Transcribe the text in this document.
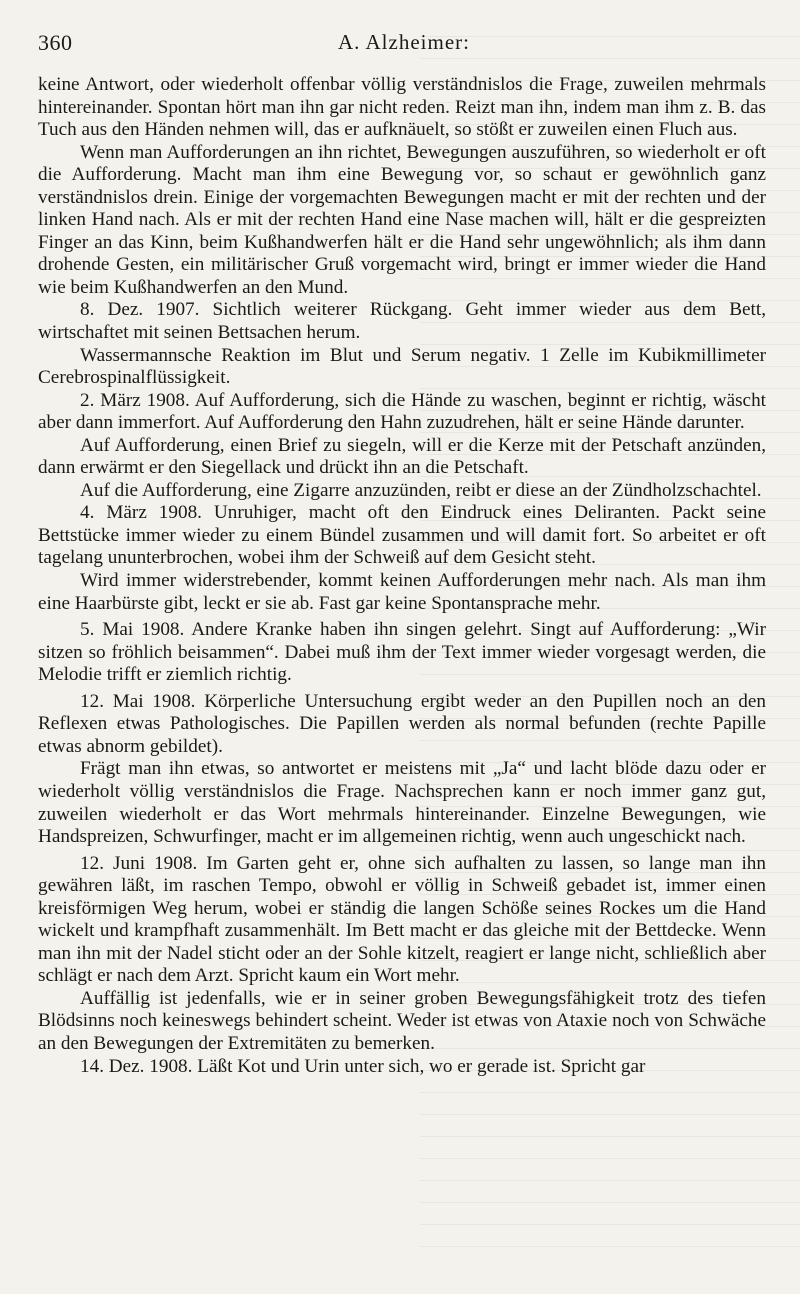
360	A. Alzheimer:

keine Antwort, oder wiederholt offenbar völlig verständnislos die Frage, zuweilen mehrmals hintereinander. Spontan hört man ihn gar nicht reden. Reizt man ihn, indem man ihm z. B. das Tuch aus den Händen nehmen will, das er aufknäuelt, so stößt er zuweilen einen Fluch aus.

Wenn man Aufforderungen an ihn richtet, Bewegungen auszuführen, so wiederholt er oft die Aufforderung. Macht man ihm eine Bewegung vor, so schaut er gewöhnlich ganz verständnislos drein. Einige der vorgemachten Bewegungen macht er mit der rechten und der linken Hand nach. Als er mit der rechten Hand eine Nase machen will, hält er die gespreizten Finger an das Kinn, beim Kußhandwerfen hält er die Hand sehr ungewöhnlich; als ihm dann drohende Gesten, ein militärischer Gruß vorgemacht wird, bringt er immer wieder die Hand wie beim Kußhandwerfen an den Mund.

8. Dez. 1907. Sichtlich weiterer Rückgang. Geht immer wieder aus dem Bett, wirtschaftet mit seinen Bettsachen herum.

Wassermannsche Reaktion im Blut und Serum negativ. 1 Zelle im Kubikmillimeter Cerebrospinalflüssigkeit.

2. März 1908. Auf Aufforderung, sich die Hände zu waschen, beginnt er richtig, wäscht aber dann immerfort. Auf Aufforderung den Hahn zuzudrehen, hält er seine Hände darunter.

Auf Aufforderung, einen Brief zu siegeln, will er die Kerze mit der Petschaft anzünden, dann erwärmt er den Siegellack und drückt ihn an die Petschaft.

Auf die Aufforderung, eine Zigarre anzuzünden, reibt er diese an der Zündholzschachtel.

4. März 1908. Unruhiger, macht oft den Eindruck eines Deliranten. Packt seine Bettstücke immer wieder zu einem Bündel zusammen und will damit fort. So arbeitet er oft tagelang ununterbrochen, wobei ihm der Schweiß auf dem Gesicht steht.

Wird immer widerstrebender, kommt keinen Aufforderungen mehr nach. Als man ihm eine Haarbürste gibt, leckt er sie ab. Fast gar keine Spontansprache mehr.

5. Mai 1908. Andere Kranke haben ihn singen gelehrt. Singt auf Aufforderung: „Wir sitzen so fröhlich beisammen“. Dabei muß ihm der Text immer wieder vorgesagt werden, die Melodie trifft er ziemlich richtig.

12. Mai 1908. Körperliche Untersuchung ergibt weder an den Pupillen noch an den Reflexen etwas Pathologisches. Die Papillen werden als normal befunden (rechte Papille etwas abnorm gebildet).

Frägt man ihn etwas, so antwortet er meistens mit „Ja“ und lacht blöde dazu oder er wiederholt völlig verständnislos die Frage. Nachsprechen kann er noch immer ganz gut, zuweilen wiederholt er das Wort mehrmals hintereinander. Einzelne Bewegungen, wie Handspreizen, Schwurfinger, macht er im allgemeinen richtig, wenn auch ungeschickt nach.

12. Juni 1908. Im Garten geht er, ohne sich aufhalten zu lassen, so lange man ihn gewähren läßt, im raschen Tempo, obwohl er völlig in Schweiß gebadet ist, immer einen kreisförmigen Weg herum, wobei er ständig die langen Schöße seines Rockes um die Hand wickelt und krampfhaft zusammenhält. Im Bett macht er das gleiche mit der Bettdecke. Wenn man ihn mit der Nadel sticht oder an der Sohle kitzelt, reagiert er lange nicht, schließlich aber schlägt er nach dem Arzt. Spricht kaum ein Wort mehr.

Auffällig ist jedenfalls, wie er in seiner groben Bewegungsfähigkeit trotz des tiefen Blödsinns noch keineswegs behindert scheint. Weder ist etwas von Ataxie noch von Schwäche an den Bewegungen der Extremitäten zu bemerken.

14. Dez. 1908. Läßt Kot und Urin unter sich, wo er gerade ist. Spricht gar
